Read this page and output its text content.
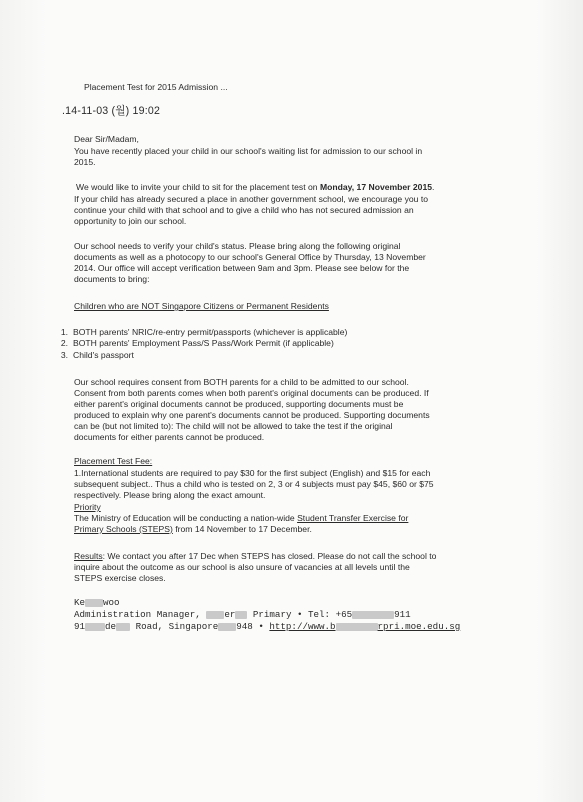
Placement Test for 2015 Admission ...
.14-11-03 (월) 19:02
Dear Sir/Madam,
You have recently placed your child in our school's waiting list for admission to our school in
2015.
We would like to invite your child to sit for the placement test on Monday, 17 November 2015.
If your child has already secured a place in another government school, we encourage you to
continue your child with that school and to give a child who has not secured admission an
opportunity to join our school.
Our school needs to verify your child's status. Please bring along the following original
documents as well as a photocopy to our school's General Office by Thursday, 13 November
2014. Our office will accept verification between 9am and 3pm. Please see below for the
documents to bring:
Children who are NOT Singapore Citizens or Permanent Residents
1. BOTH parents' NRIC/re-entry permit/passports (whichever is applicable)
2. BOTH parents' Employment Pass/S Pass/Work Permit (if applicable)
3. Child's passport
Our school requires consent from BOTH parents for a child to be admitted to our school.
Consent from both parents comes when both parent's original documents can be produced. If
either parent's original documents cannot be produced, supporting documents must be
produced to explain why one parent's documents cannot be produced. Supporting documents
can be (but not limited to): The child will not be allowed to take the test if the original
documents for either parents cannot be produced.
Placement Test Fee:
1.International students are required to pay $30 for the first subject (English) and $15 for each
subsequent subject.. Thus a child who is tested on 2, 3 or 4 subjects must pay $45, $60 or $75
respectively. Please bring along the exact amount.
Priority
The Ministry of Education will be conducting a nation-wide Student Transfer Exercise for
Primary Schools (STEPS) from 14 November to 17 December.
Results: We contact you after 17 Dec when STEPS has closed. Please do not call the school to
inquire about the outcome as our school is also unsure of vacancies at all levels until the
STEPS exercise closes.
Ke woo
Administration Manager, er Primary • Tel: +65	911
91 de Road, Singapore 948 • http://www.b	rpri.moe.edu.sg
